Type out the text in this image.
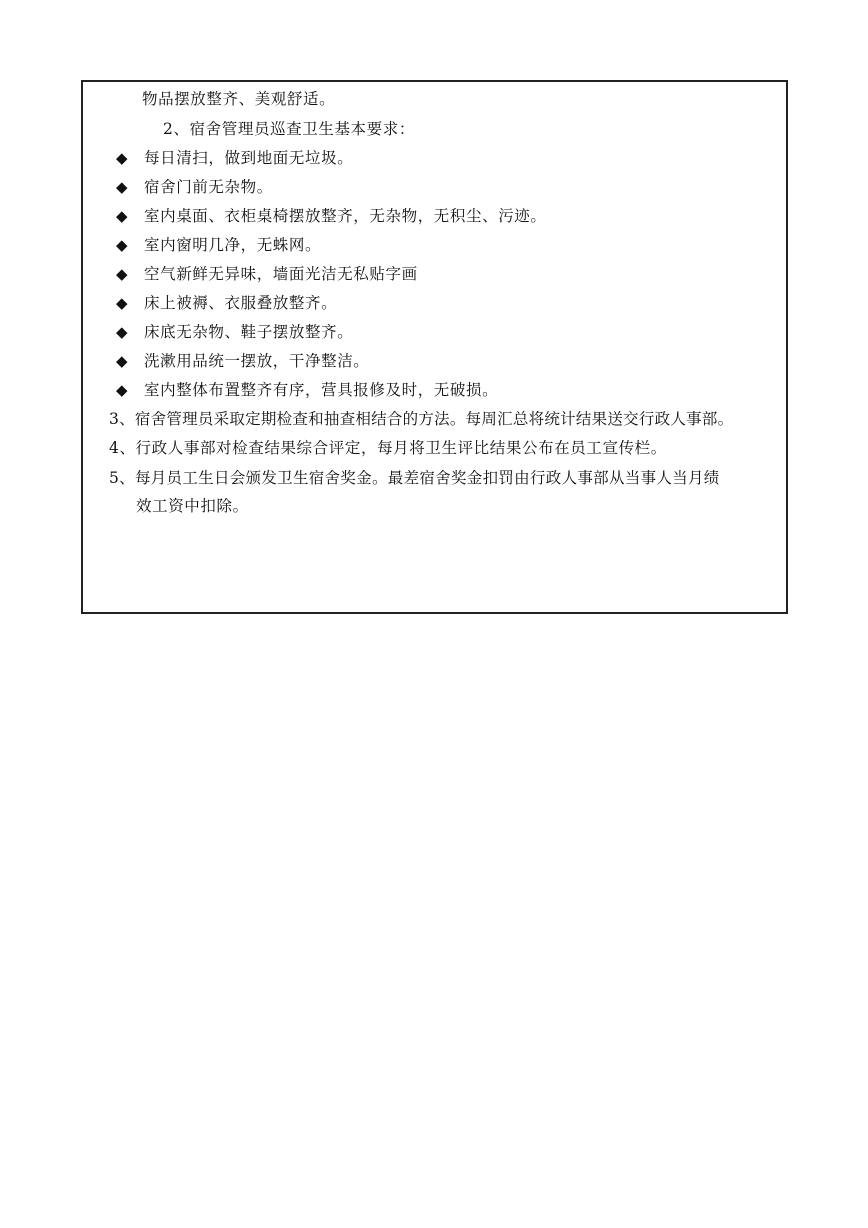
物品摆放整齐、美观舒适。
2、宿舍管理员巡查卫生基本要求：
◆ 每日清扫，做到地面无垃圾。
◆ 宿舍门前无杂物。
◆ 室内桌面、衣柜桌椅摆放整齐，无杂物，无积尘、污迹。
◆ 室内窗明几净，无蛛网。
◆ 空气新鲜无异味，墙面光洁无私贴字画
◆ 床上被褥、衣服叠放整齐。
◆ 床底无杂物、鞋子摆放整齐。
◆ 洗漱用品统一摆放，干净整洁。
◆ 室内整体布置整齐有序，营具报修及时，无破损。
3、宿舍管理员采取定期检查和抽查相结合的方法。每周汇总将统计结果送交行政人事部。
4、行政人事部对检查结果综合评定，每月将卫生评比结果公布在员工宣传栏。
5、每月员工生日会颁发卫生宿舍奖金。最差宿舍奖金扣罚由行政人事部从当事人当月绩
效工资中扣除。
